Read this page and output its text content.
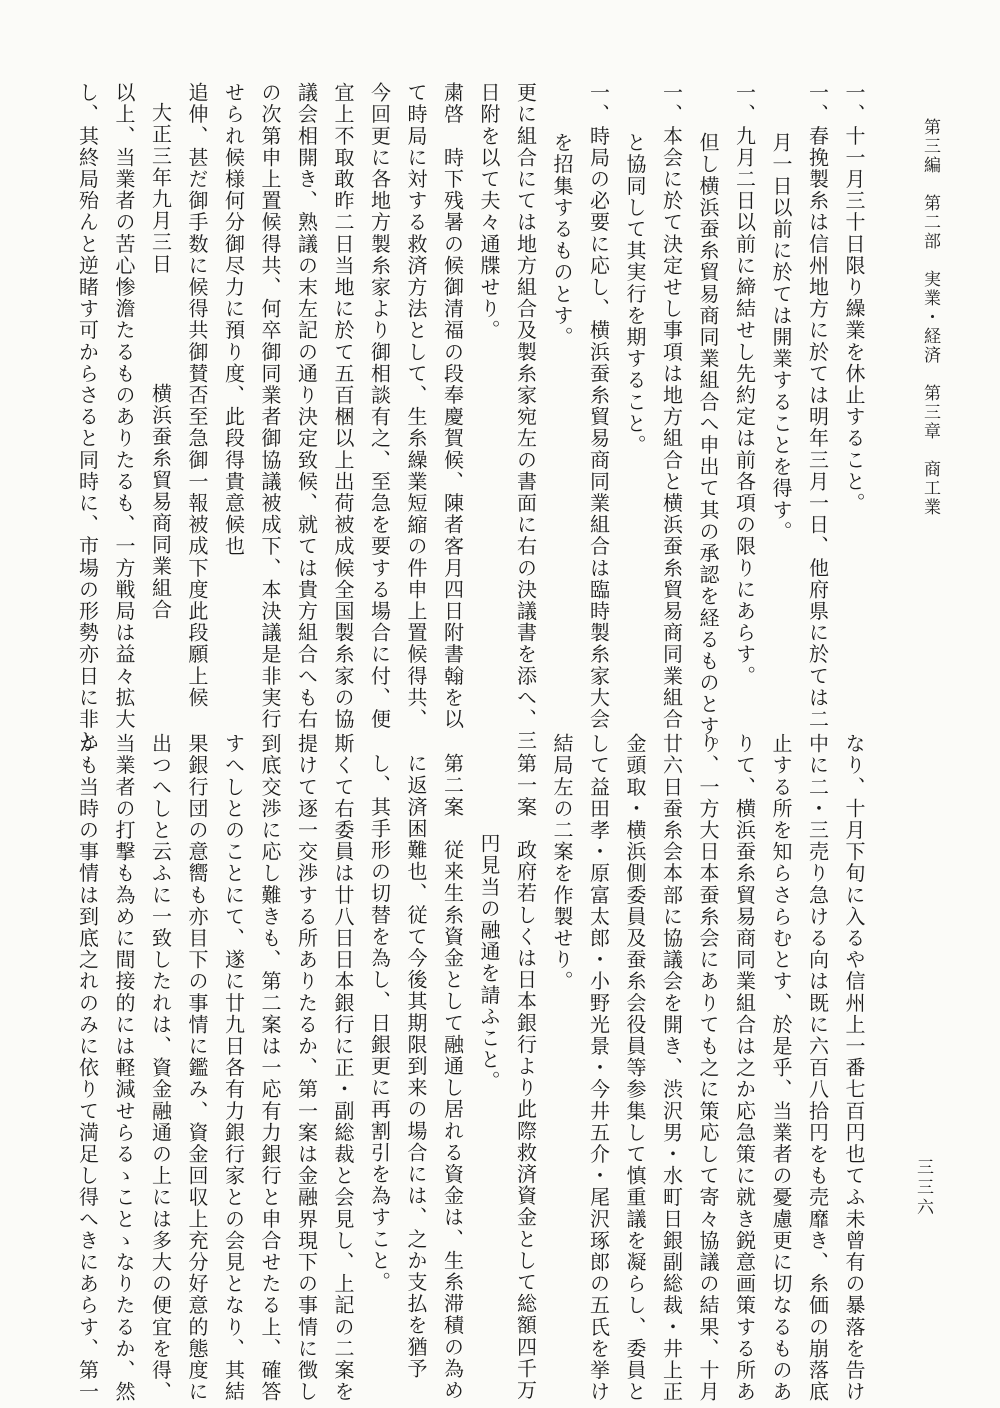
第三編　第二部　実業・経済　第三章　商工業
一、十一月三十日限り繰業を休止すること。
一、春挽製糸は信州地方に於ては明年三月一日、他府県に於ては二
月一日以前に於ては開業することを得す。
一、九月二日以前に締結せし先約定は前各項の限りにあらす。
但し横浜蚕糸貿易商同業組合へ申出て其の承認を経るものとす。
一、本会に於て決定せし事項は地方組合と横浜蚕糸貿易商同業組合
と協同して其実行を期すること。
一、時局の必要に応し、横浜蚕糸貿易商同業組合は臨時製糸家大会
を招集するものとす。
更に組合にては地方組合及製糸家宛左の書面に右の決議書を添へ、三
日附を以て夫々通牒せり。
粛啓　時下残暑の候御清福の段奉慶賀候、陳者客月四日附書翰を以
て時局に対する救済方法として、生糸繰業短縮の件申上置候得共、
今回更に各地方製糸家より御相談有之、至急を要する場合に付、便
宜上不取敢昨二日当地に於て五百梱以上出荷被成候全国製糸家の協
議会相開き、熟議の末左記の通り決定致候、就ては貴方組合へも右
の次第申上置候得共、何卒御同業者御協議被成下、本決議是非実行
せられ候様何分御尽力に預り度、此段得貴意候也
追伸、甚だ御手数に候得共御賛否至急御一報被成下度此段願上候
大正三年九月三日　　　　　横浜蚕糸貿易商同業組合
以上、当業者の苦心惨澹たるものありたるも、一方戦局は益々拡大
し、其終局殆んと逆睹す可からさると同時に、市場の形勢亦日に非と
なり、十月下旬に入るや信州上一番七百円也てふ未曾有の暴落を告け
中に二・三売り急ける向は既に六百八拾円をも売靡き、糸価の崩落底
止する所を知らさらむとす、於是乎、当業者の憂慮更に切なるものあ
りて、横浜蚕糸貿易商同業組合は之か応急策に就き鋭意画策する所あ
り、一方大日本蚕糸会にありても之に策応して寄々協議の結果、十月
廿六日蚕糸会本部に協議会を開き、渋沢男・水町日銀副総裁・井上正
金頭取・横浜側委員及蚕糸会役員等参集して慎重議を凝らし、委員と
して益田孝・原富太郎・小野光景・今井五介・尾沢琢郎の五氏を挙け
結局左の二案を作製せり。
第一案　政府若しくは日本銀行より此際救済資金として総額四千万
円見当の融通を請ふこと。
第二案　従来生糸資金として融通し居れる資金は、生糸滞積の為め
に返済困難也、従て今後其期限到来の場合には、之か支払を猶予
し、其手形の切替を為し、日銀更に再割引を為すこと。
斯くて右委員は廿八日日本銀行に正・副総裁と会見し、上記の二案を
提けて逐一交渉する所ありたるか、第一案は金融界現下の事情に徴し
到底交渉に応し難きも、第二案は一応有力銀行と申合せたる上、確答
すへしとのことにて、遂に廿九日各有力銀行家との会見となり、其結
果銀行団の意嚮も亦目下の事情に鑑み、資金回収上充分好意的態度に
出つへしと云ふに一致したれは、資金融通の上には多大の便宜を得、
当業者の打撃も為めに間接的には軽減せらるゝことゝなりたるか、然
かも当時の事情は到底之れのみに依りて満足し得へきにあらす、第一	三三六
